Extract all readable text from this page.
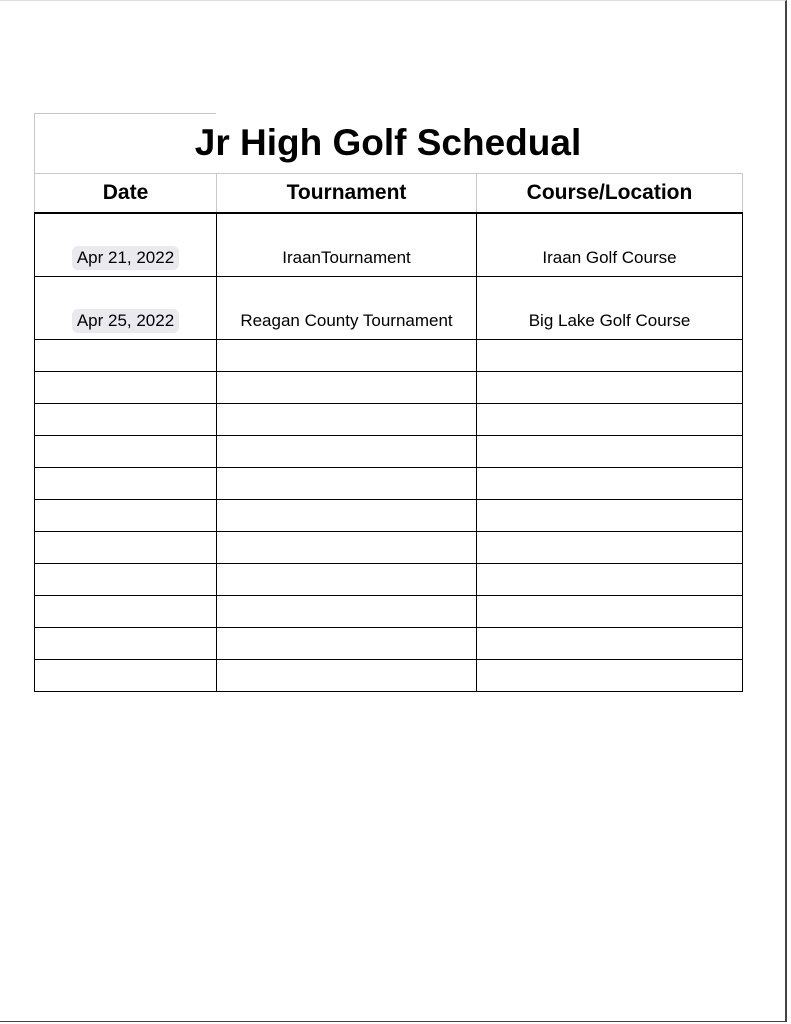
Jr High Golf Schedual
Date	Tournament	Course/Location
Apr 21, 2022	IraanTournament	Iraan Golf Course
Apr 25, 2022	Reagan County Tournament	Big Lake Golf Course
